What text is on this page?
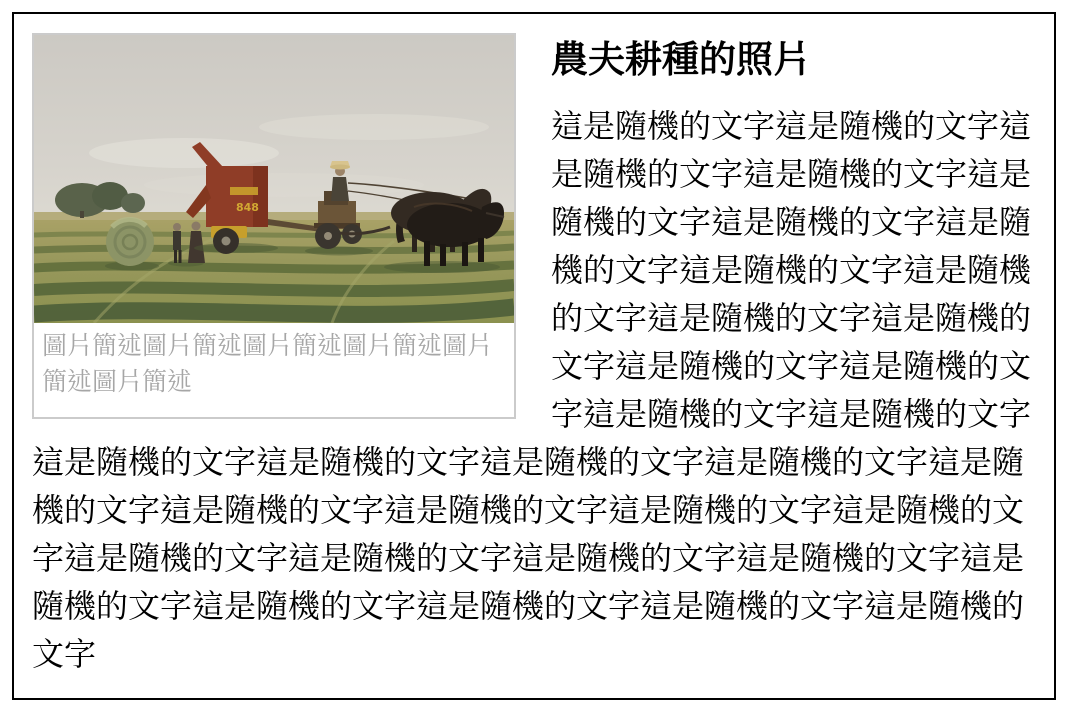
848
圖片簡述圖片簡述圖片簡述圖片簡述圖片簡述圖片簡述
農夫耕種的照片

這是隨機的文字這是隨機的文字這是隨機的文字這是隨機的文字這是隨機的文字這是隨機的文字這是隨機的文字這是隨機的文字這是隨機的文字這是隨機的文字這是隨機的文字這是隨機的文字這是隨機的文字這是隨機的文字這是隨機的文字這是隨機的文字這是隨機的文字這是隨機的文字這是隨機的文字這是隨機的文字這是隨機的文字這是隨機的文字這是隨機的文字這是隨機的文字這是隨機的文字這是隨機的文字這是隨機的文字這是隨機的文字這是隨機的文字這是隨機的文字這是隨機的文字這是隨機的文字這是隨機的文字
